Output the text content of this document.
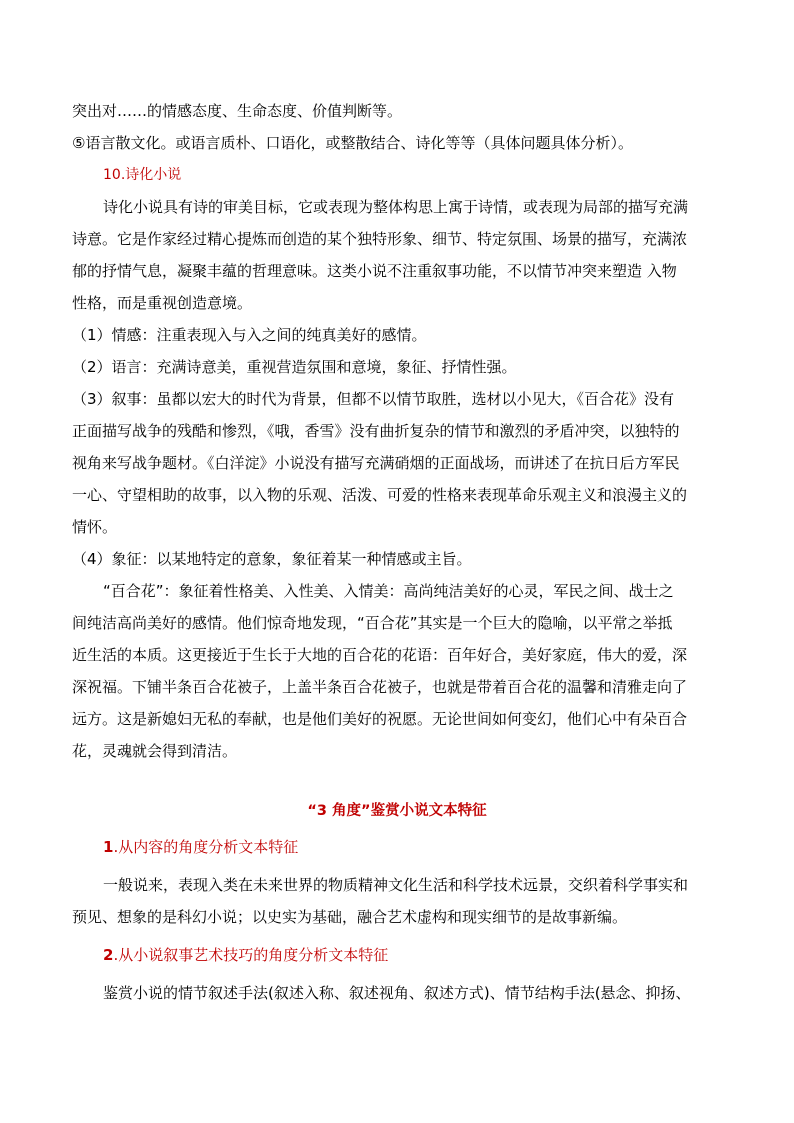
突出对……的情感态度、生命态度、价值判断等。
⑤语言散文化。或语言质朴、口语化，或整散结合、诗化等等（具体问题具体分析）。
10.诗化小说
诗化小说具有诗的审美目标，它或表现为整体构思上寓于诗情，或表现为局部的描写充满
诗意。它是作家经过精心提炼而创造的某个独特形象、细节、特定氛围、场景的描写，充满浓
郁的抒情气息，凝聚丰蕴的哲理意味。这类小说不注重叙事功能，不以情节冲突来塑造 入物
性格，而是重视创造意境。
（1）情感：注重表现入与入之间的纯真美好的感情。
（2）语言：充满诗意美，重视营造氛围和意境，象征、抒情性强。
（3）叙事：虽都以宏大的时代为背景，但都不以情节取胜，选材以小见大，《百合花》没有
正面描写战争的残酷和惨烈，《哦，香雪》没有曲折复杂的情节和激烈的矛盾冲突，以独特的
视角来写战争题材。《白洋淀》小说没有描写充满硝烟的正面战场，而讲述了在抗日后方军民
一心、守望相助的故事，以入物的乐观、活泼、可爱的性格来表现革命乐观主义和浪漫主义的
情怀。
（4）象征：以某地特定的意象，象征着某一种情感或主旨。
“百合花”：象征着性格美、入性美、入情美：高尚纯洁美好的心灵，军民之间、战士之
间纯洁高尚美好的感情。他们惊奇地发现，“百合花”其实是一个巨大的隐喻，以平常之举抵
近生活的本质。这更接近于生长于大地的百合花的花语：百年好合，美好家庭，伟大的爱，深
深祝福。下铺半条百合花被子，上盖半条百合花被子，也就是带着百合花的温馨和清雅走向了
远方。这是新媳妇无私的奉献，也是他们美好的祝愿。无论世间如何变幻，他们心中有朵百合
花，灵魂就会得到清洁。
“3 角度”鉴赏小说文本特征
1.从内容的角度分析文本特征
一般说来，表现入类在未来世界的物质精神文化生活和科学技术远景，交织着科学事实和
预见、想象的是科幻小说；以史实为基础，融合艺术虚构和现实细节的是故事新编。
2.从小说叙事艺术技巧的角度分析文本特征
鉴赏小说的情节叙述手法(叙述入称、叙述视角、叙述方式)、情节结构手法(悬念、抑扬、
